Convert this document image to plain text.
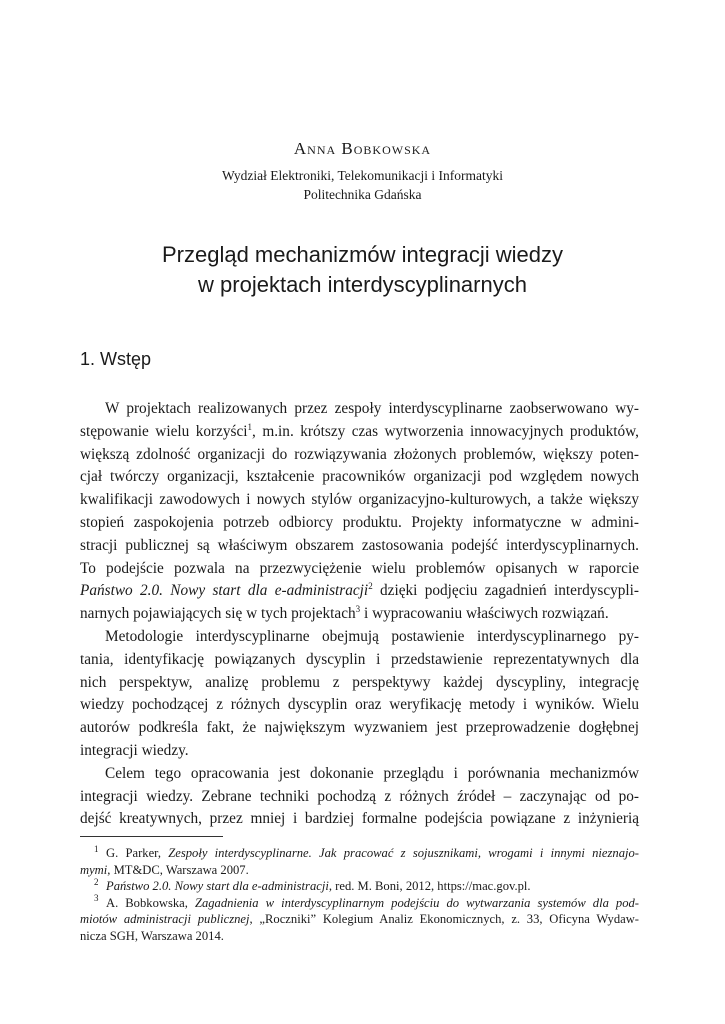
Anna Bobkowska
Wydział Elektroniki, Telekomunikacji i Informatyki
Politechnika Gdańska
Przegląd mechanizmów integracji wiedzy
w projektach interdyscyplinarnych
1. Wstęp

W projektach realizowanych przez zespoły interdyscyplinarne zaobserwowano wy-
stępowanie wielu korzyści$^1$, m.in. krótszy czas wytworzenia innowacyjnych produktów,
większą zdolność organizacji do rozwiązywania złożonych problemów, większy poten-
cjał twórczy organizacji, kształcenie pracowników organizacji pod względem nowych
kwalifikacji zawodowych i nowych stylów organizacyjno-kulturowych, a także większy
stopień zaspokojenia potrzeb odbiorcy produktu. Projekty informatyczne w admini-
stracji publicznej są właściwym obszarem zastosowania podejść interdyscyplinarnych.
To podejście pozwala na przezwyciężenie wielu problemów opisanych w raporcie
Państwo 2.0. Nowy start dla e-administracji$^2$ dzięki podjęciu zagadnień interdyscypli-
narnych pojawiających się w tych projektach$^3$ i wypracowaniu właściwych rozwiązań.

Metodologie interdyscyplinarne obejmują postawienie interdyscyplinarnego py-
tania, identyfikację powiązanych dyscyplin i przedstawienie reprezentatywnych dla
nich perspektyw, analizę problemu z perspektywy każdej dyscypliny, integrację
wiedzy pochodzącej z różnych dyscyplin oraz weryfikację metody i wyników. Wielu
autorów podkreśla fakt, że największym wyzwaniem jest przeprowadzenie dogłębnej
integracji wiedzy.

Celem tego opracowania jest dokonanie przeglądu i porównania mechanizmów
integracji wiedzy. Zebrane techniki pochodzą z różnych źródeł – zaczynając od po-
dejść kreatywnych, przez mniej i bardziej formalne podejścia powiązane z inżynierią

1 G. Parker, Zespoły interdyscyplinarne. Jak pracować z sojusznikami, wrogami i innymi nieznajo-
mymi, MT&DC, Warszawa 2007.
2 Państwo 2.0. Nowy start dla e-administracji, red. M. Boni, 2012, https://mac.gov.pl.
3 A. Bobkowska, Zagadnienia w interdyscyplinarnym podejściu do wytwarzania systemów dla pod-
miotów administracji publicznej, „Roczniki” Kolegium Analiz Ekonomicznych, z. 33, Oficyna Wydaw-
nicza SGH, Warszawa 2014.
